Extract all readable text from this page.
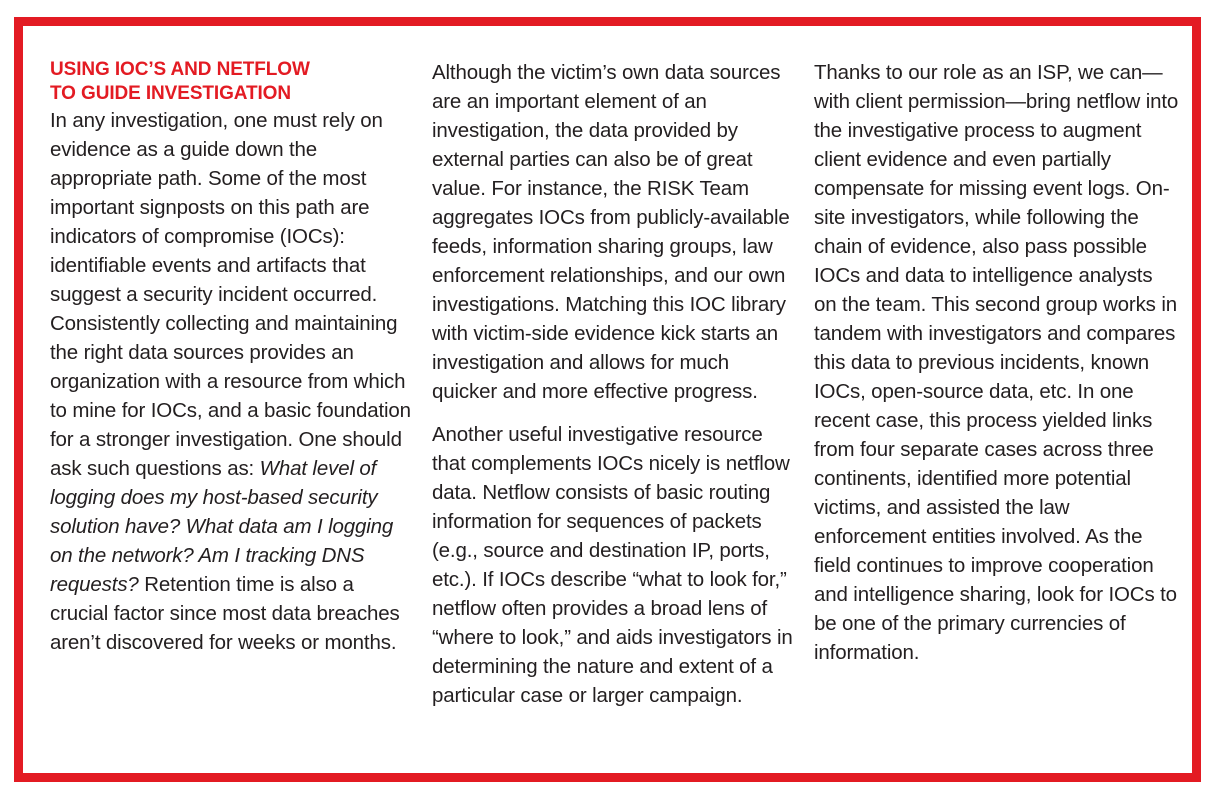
USING IOC’S AND NETFLOW
TO GUIDE INVESTIGATION

In any investigation, one must rely on evidence as a guide down the appropriate path. Some of the most important signposts on this path are indicators of compromise (IOCs): identifiable events and artifacts that suggest a security incident occurred. Consistently collecting and maintaining the right data sources provides an organization with a resource from which to mine for IOCs, and a basic foundation for a stronger investigation. One should ask such questions as: What level of logging does my host-based security solution have? What data am I logging on the network? Am I tracking DNS requests? Retention time is also a crucial factor since most data breaches aren’t discovered for weeks or months.

Although the victim’s own data sources are an important element of an investigation, the data provided by external parties can also be of great value. For instance, the RISK Team aggregates IOCs from publicly-available feeds, information sharing groups, law enforcement relationships, and our own investigations. Matching this IOC library with victim-side evidence kick starts an investigation and allows for much quicker and more effective progress.

Another useful investigative resource that complements IOCs nicely is netflow data. Netflow consists of basic routing information for sequences of packets (e.g., source and destination IP, ports, etc.). If IOCs describe “what to look for,” netflow often provides a broad lens of “where to look,” and aids investigators in determining the nature and extent of a particular case or larger campaign.

Thanks to our role as an ISP, we can—with client permission—bring netflow into the investigative process to augment client evidence and even partially compensate for missing event logs. On-site investigators, while following the chain of evidence, also pass possible IOCs and data to intelligence analysts on the team. This second group works in tandem with investigators and compares this data to previous incidents, known IOCs, open-source data, etc. In one recent case, this process yielded links from four separate cases across three continents, identified more potential victims, and assisted the law enforcement entities involved. As the field continues to improve cooperation and intelligence sharing, look for IOCs to be one of the primary currencies of information.
